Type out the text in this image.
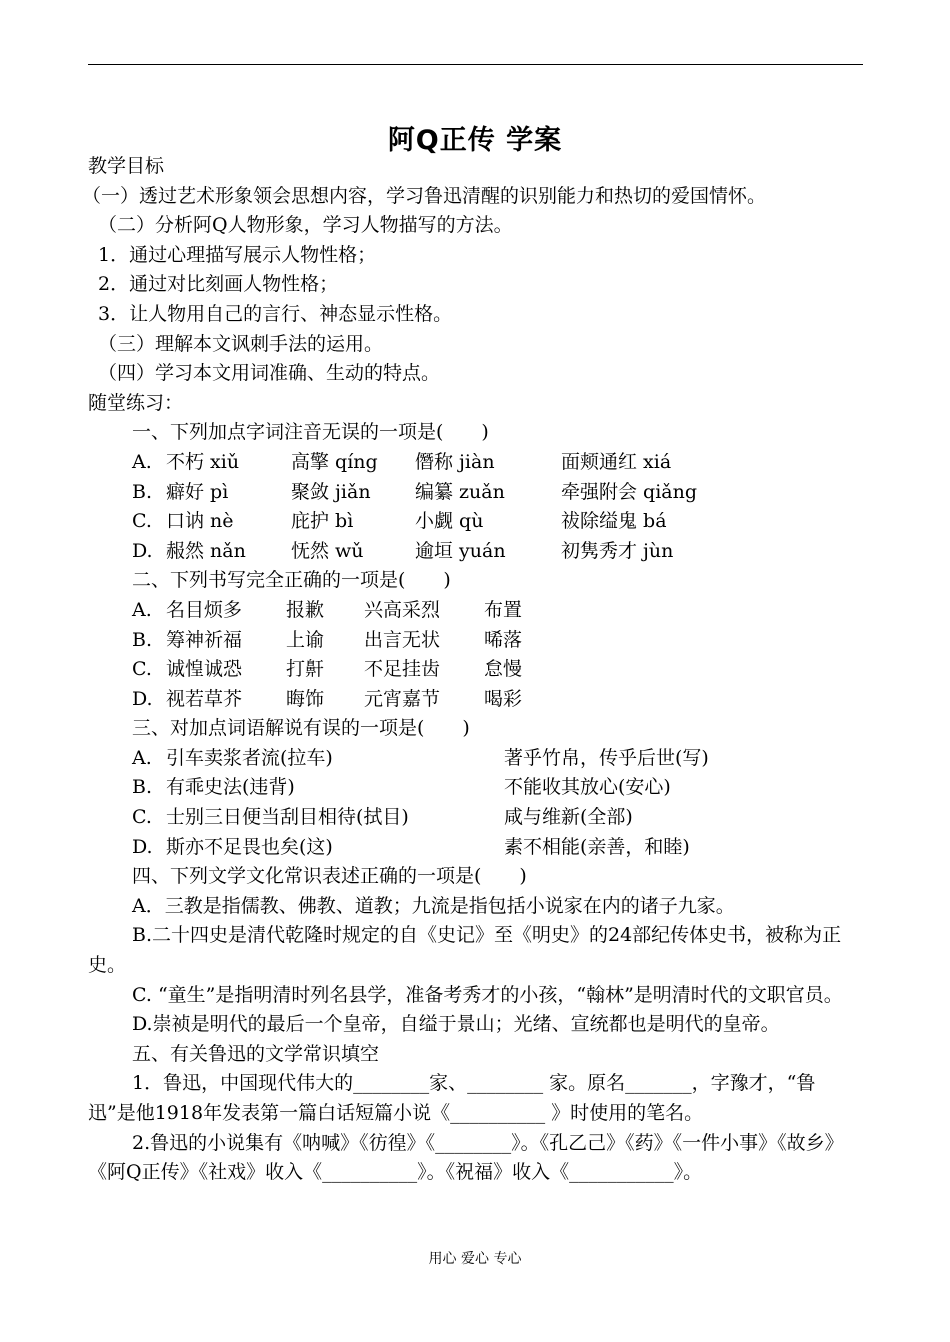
阿Q正传 学案
教学目标
（一）透过艺术形象领会思想内容，学习鲁迅清醒的识别能力和热切的爱国情怀。
（二）分析阿Q人物形象，学习人物描写的方法。
1．通过心理描写展示人物性格；
2．通过对比刻画人物性格；
3．让人物用自己的言行、神态显示性格。
（三）理解本文讽刺手法的运用。
（四）学习本文用词准确、生动的特点。
随堂练习：
一、下列加点字词注音无误的一项是(　　)
A. 不朽 xiǔ	高擎 qíng	僭称 jiàn	面颊通红 xiá
B. 癖好 pì	聚敛 jiǎn	编纂 zuǎn	牵强附会 qiǎng
C. 口讷 nè	庇护 bì	小觑 qù	祓除缢鬼 bá
D. 赧然 nǎn	怃然 wǔ	逾垣 yuán	初隽秀才 jùn
二、下列书写完全正确的一项是(　　)
A. 名目烦多	报歉	兴高采烈	布置
B. 筹神祈福	上谕	出言无状	唏落
C. 诚惶诚恐	打鼾	不足挂齿	怠慢
D. 视若草芥	晦饰	元宵嘉节	喝彩
三、对加点词语解说有误的一项是(　　)
A. 引车卖浆者流(拉车)	著乎竹帛，传乎后世(写)
B. 有乖史法(违背)	不能收其放心(安心)
C. 士别三日便当刮目相待(拭目)	咸与维新(全部)
D. 斯亦不足畏也矣(这)	素不相能(亲善，和睦)
四、下列文学文化常识表述正确的一项是(　　)
A．三教是指儒教、佛教、道教；九流是指包括小说家在内的诸子九家。
B.二十四史是清代乾隆时规定的自《史记》至《明史》的24部纪传体史书，被称为正史。
C. “童生”是指明清时列名县学，准备考秀才的小孩，“翰林”是明清时代的文职官员。
D.崇祯是明代的最后一个皇帝，自缢于景山；光绪、宣统都也是明代的皇帝。
五、有关鲁迅的文学常识填空
1．鲁迅，中国现代伟大的________家、________ 家。原名_______，字豫才，“鲁迅”是他1918年发表第一篇白话短篇小说《__________ 》时使用的笔名。
2.鲁迅的小说集有《呐喊》《彷徨》《________》。《孔乙己》《药》《一件小事》《故乡》《阿Q正传》《社戏》收入《__________》。《祝福》收入《___________》。
用心 爱心 专心
